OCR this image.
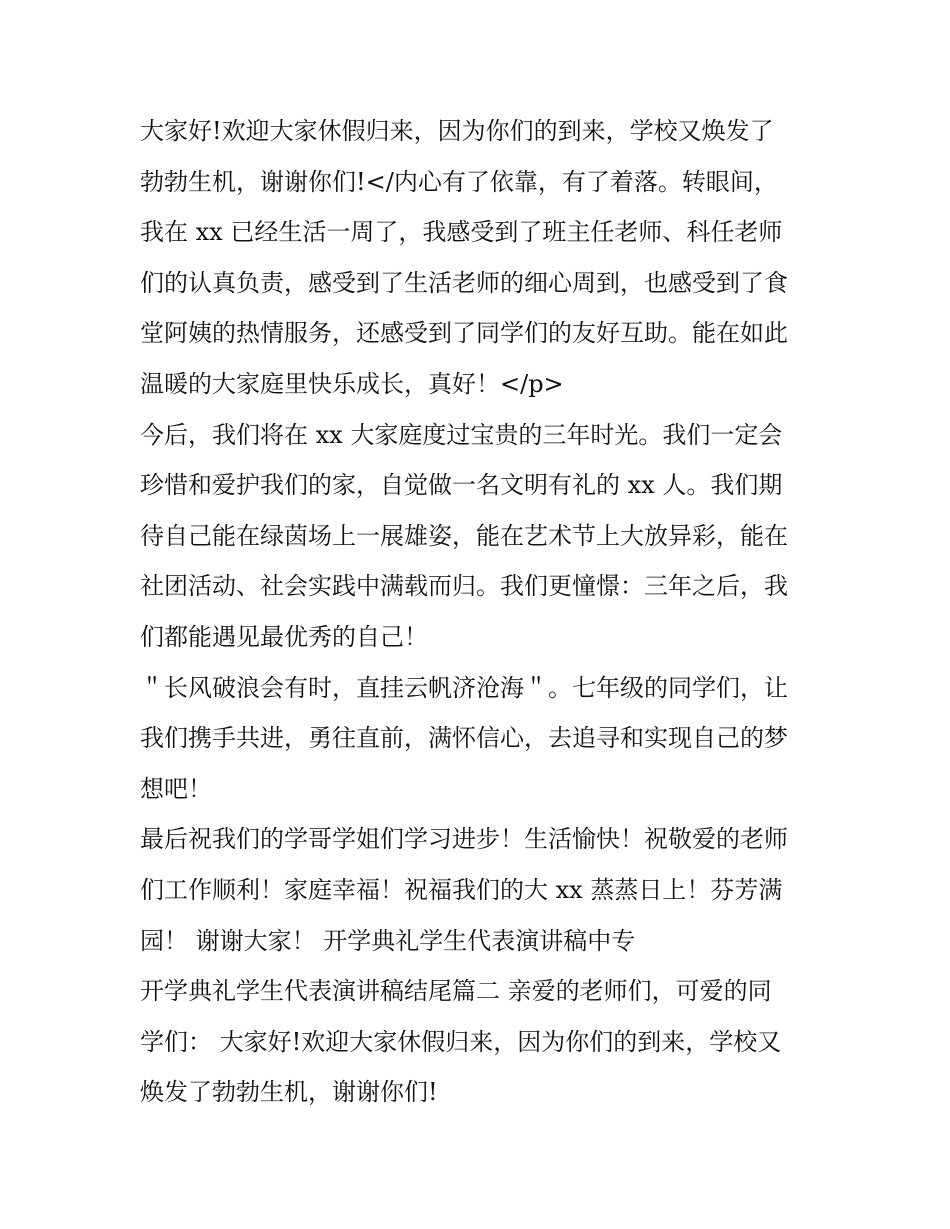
大家好!欢迎大家休假归来，因为你们的到来，学校又焕发了
勃勃生机，谢谢你们!</内心有了依靠，有了着落。转眼间，
我在 xx 已经生活一周了，我感受到了班主任老师、科任老师
们的认真负责，感受到了生活老师的细心周到，也感受到了食
堂阿姨的热情服务，还感受到了同学们的友好互助。能在如此
温暖的大家庭里快乐成长，真好！</p>
今后，我们将在 xx 大家庭度过宝贵的三年时光。我们一定会
珍惜和爱护我们的家，自觉做一名文明有礼的 xx 人。我们期
待自己能在绿茵场上一展雄姿，能在艺术节上大放异彩，能在
社团活动、社会实践中满载而归。我们更憧憬：三年之后，我
们都能遇见最优秀的自己！
＂长风破浪会有时，直挂云帆济沧海＂。七年级的同学们，让
我们携手共进，勇往直前，满怀信心，去追寻和实现自己的梦
想吧！
最后祝我们的学哥学姐们学习进步！生活愉快！祝敬爱的老师
们工作顺利！家庭幸福！祝福我们的大 xx 蒸蒸日上！芬芳满
园！ 谢谢大家！ 开学典礼学生代表演讲稿中专
开学典礼学生代表演讲稿结尾篇二 亲爱的老师们，可爱的同
学们： 大家好!欢迎大家休假归来，因为你们的到来，学校又
焕发了勃勃生机，谢谢你们!
